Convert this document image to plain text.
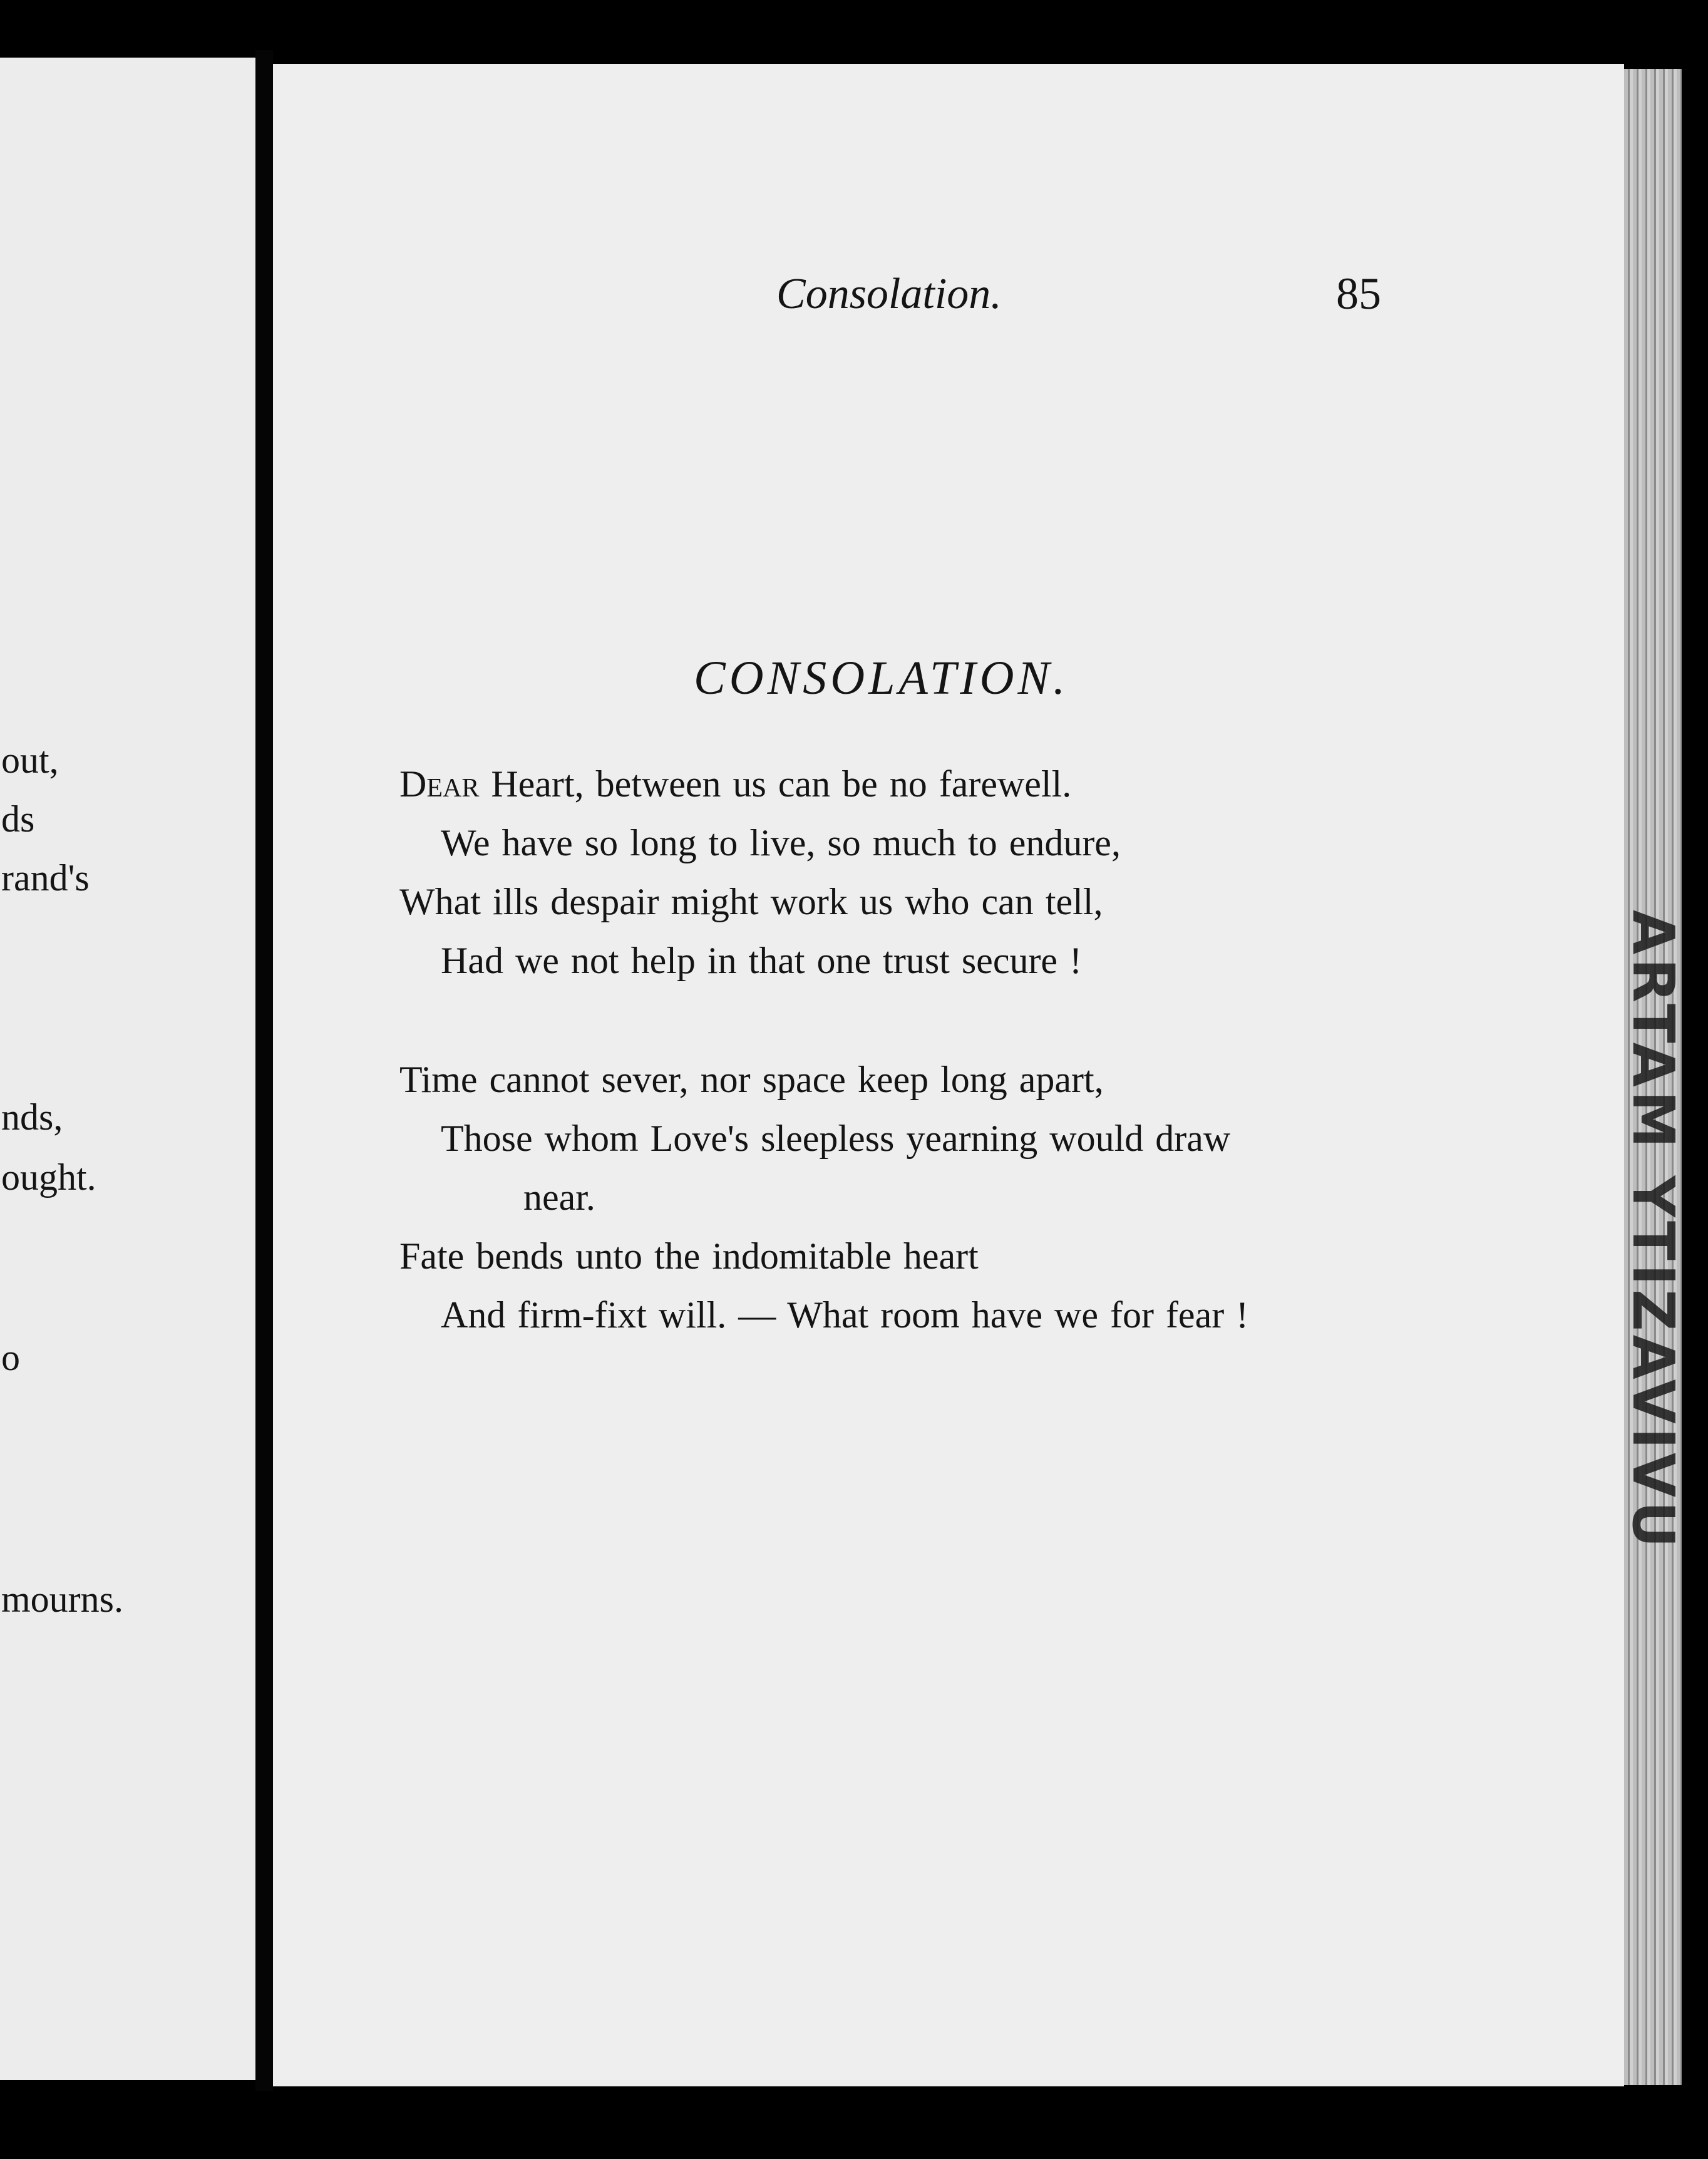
out,
ds
rand's
nds,
ought.
o
mourns.
ARTAM YTIZAVIVU
Consolation.	85
CONSOLATION.
Dear Heart, between us can be no farewell.
We have so long to live, so much to endure,
What ills despair might work us who can tell,
Had we not help in that one trust secure !
Time cannot sever, nor space keep long apart,
Those whom Love's sleepless yearning would draw
near.
Fate bends unto the indomitable heart
And firm-fixt will. — What room have we for fear !
